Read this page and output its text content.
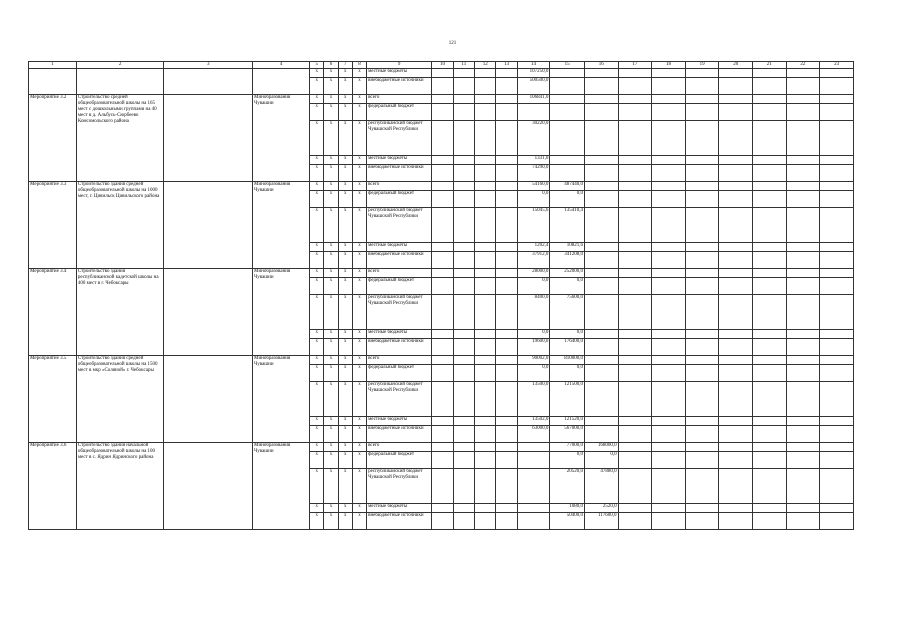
121
1	2	3	4	5	6	7	8	9	10	11	12	13	14	15	16	17	18	19	20	21	22	23
				х	х	х	х	местные бюджеты					107250,0									
				х	х	х	х	внебюджетные источники					500500,0									
Мероприятие 3.2	Строительство средней общеобразовательной школы на 165 мест с дошкольными группами на 40 мест в д. Альбусь-Сюрбеево Комсомольского района		Минобразования Чувашии	х	х	х	х	всего					106841,0									
				х	х	х	х	федеральный бюджет														
				х	х	х	х	республиканский бюджет Чувашской Республики					30220,0									
				х	х	х	х	местные бюджеты					1331,0									
				х	х	х	х	внебюджетные источники					74290,0									
Мероприятие 3.3	Строительство здания средней общеобразовательной школы на 1000 мест, г. Цивильск Цивильского района		Минобразования Чувашии	х	х	х	х	всего					54160,0	487440,0								
				х	х	х	х	федеральный бюджет					0,0	0,0								
				х	х	х	х	республиканский бюджет Чувашской Республики					15045,6	135410,4								
				х	х	х	х	местные бюджеты					1202,4	10821,6								
				х	х	х	х	внебюджетные источники					37912,0	341208,0								
Мероприятие 3.4	Строительство здания республиканской кадетской школы на 400 мест в г. Чебоксары		Минобразования Чувашии	х	х	х	х	всего					28000,0	252000,0								
				х	х	х	х	федеральный бюджет					0,0	0,0								
				х	х	х	х	республиканский бюджет Чувашской Республики					8400,0	75600,0								
				х	х	х	х	местные бюджеты					0,0	0,0								
				х	х	х	х	внебюджетные источники					19600,0	176400,0								
Мероприятие 3.5	Строительство здания средней общеобразовательной школы на 1500 мест в мкр «Соляной» г. Чебоксары		Минобразования Чувашии	х	х	х	х	всего					90002,0	810000,0								
				х	х	х	х	федеральный бюджет					0,0	0,0								
				х	х	х	х	республиканский бюджет Чувашской Республики					13500,0	121500,0								
				х	х	х	х	местные бюджеты					13502,0	121520,0								
				х	х	х	х	внебюджетные источники					63000,0	567000,0								
Мероприятие 3.6	Строительство здания начальной общеобразовательной школы на 100 мест в с. Ядрин Ядринского района		Минобразования Чувашии	х	х	х	х	всего						77000,0	168000,0							
				х	х	х	х	федеральный бюджет						0,0	0,0							
				х	х	х	х	республиканский бюджет Чувашской Республики						20520,0	47880,0							
				х	х	х	х	местные бюджеты						1080,0	2520,0							
				х	х	х	х	внебюджетные источники						50400,0	117600,0							
